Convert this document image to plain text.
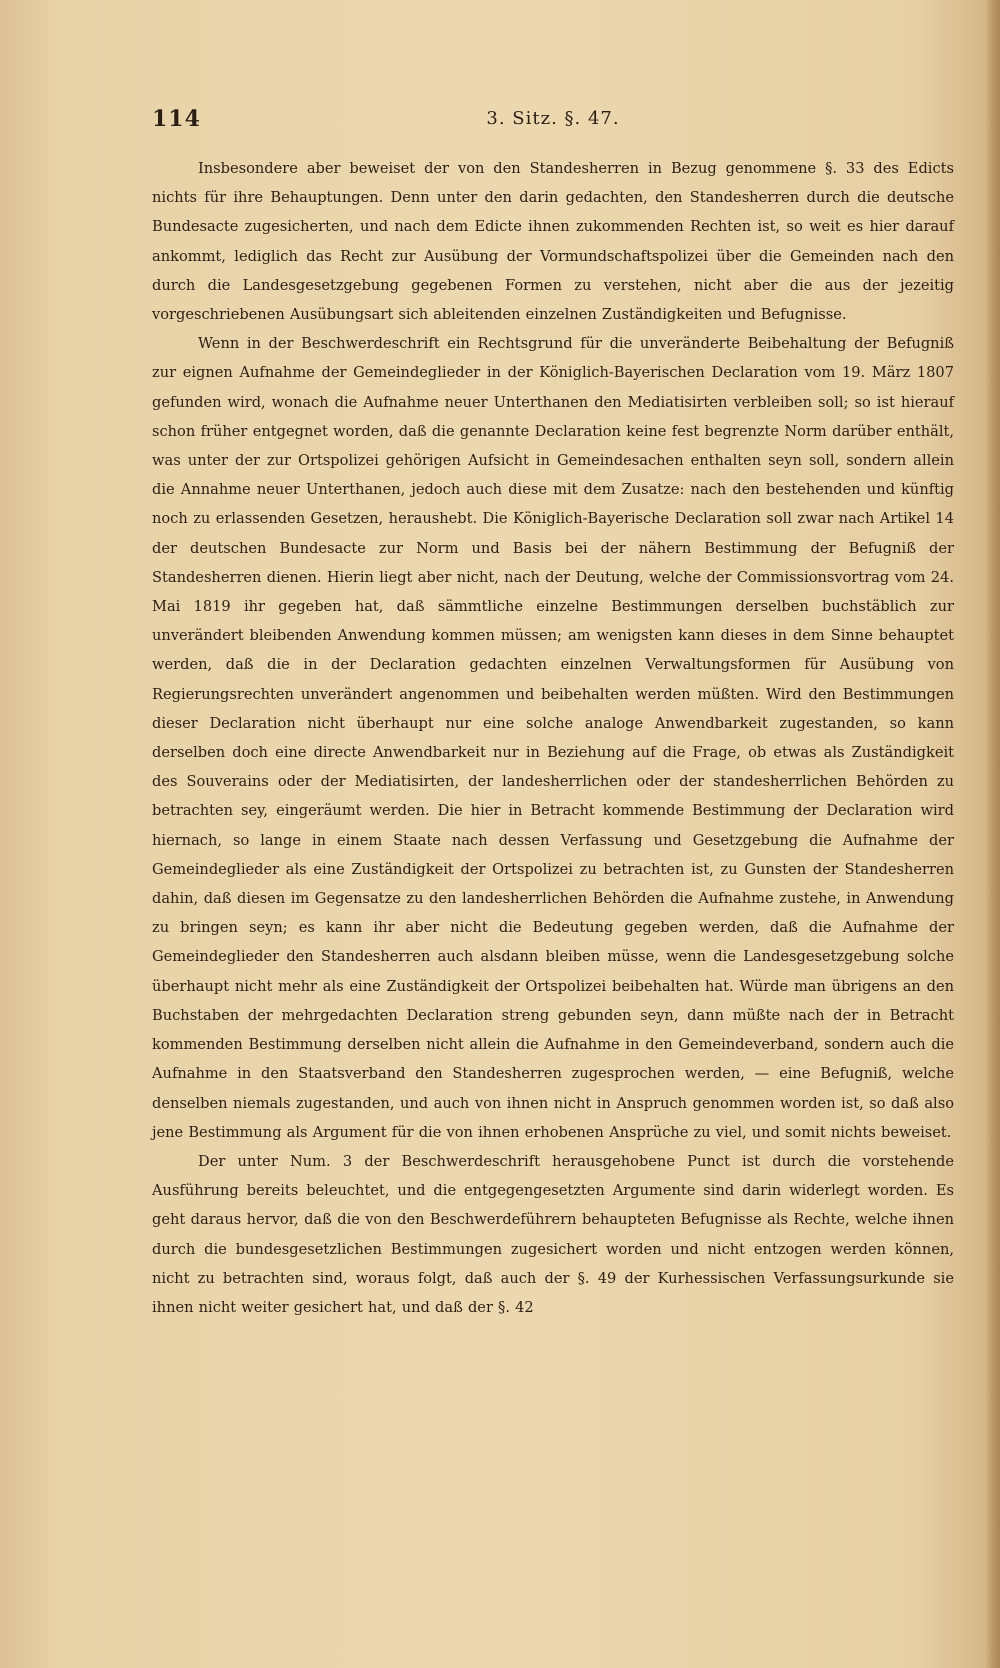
114	3. Sitz. §. 47.

Insbesondere aber beweiset der von den Standesherren in Bezug genommene §. 33 des Edicts nichts für ihre Behauptungen. Denn unter den darin gedachten, den Standesherren durch die deutsche Bundesacte zugesicherten, und nach dem Edicte ihnen zukommenden Rechten ist, so weit es hier darauf ankommt, lediglich das Recht zur Ausübung der Vormundschaftspolizei über die Gemeinden nach den durch die Landesgesetzgebung gegebenen Formen zu verstehen, nicht aber die aus der jezeitig vorgeschriebenen Ausübungsart sich ableitenden einzelnen Zuständigkeiten und Befugnisse.

Wenn in der Beschwerdeschrift ein Rechtsgrund für die unveränderte Beibehaltung der Befugniß zur eignen Aufnahme der Gemeindeglieder in der Königlich-Bayerischen Declaration vom 19. März 1807 gefunden wird, wonach die Aufnahme neuer Unterthanen den Mediatisirten verbleiben soll; so ist hierauf schon früher entgegnet worden, daß die genannte Declaration keine fest begrenzte Norm darüber enthält, was unter der zur Ortspolizei gehörigen Aufsicht in Gemeindesachen enthalten seyn soll, sondern allein die Annahme neuer Unterthanen, jedoch auch diese mit dem Zusatze: nach den bestehenden und künftig noch zu erlassenden Gesetzen, heraushebt. Die Königlich-Bayerische Declaration soll zwar nach Artikel 14 der deutschen Bundesacte zur Norm und Basis bei der nähern Bestimmung der Befugniß der Standesherren dienen. Hierin liegt aber nicht, nach der Deutung, welche der Commissionsvortrag vom 24. Mai 1819 ihr gegeben hat, daß sämmtliche einzelne Bestimmungen derselben buchstäblich zur unverändert bleibenden Anwendung kommen müssen; am wenigsten kann dieses in dem Sinne behauptet werden, daß die in der Declaration gedachten einzelnen Verwaltungsformen für Ausübung von Regierungsrechten unverändert angenommen und beibehalten werden müßten. Wird den Bestimmungen dieser Declaration nicht überhaupt nur eine solche analoge Anwendbarkeit zugestanden, so kann derselben doch eine directe Anwendbarkeit nur in Beziehung auf die Frage, ob etwas als Zuständigkeit des Souverains oder der Mediatisirten, der landesherrlichen oder der standesherrlichen Behörden zu betrachten sey, eingeräumt werden. Die hier in Betracht kommende Bestimmung der Declaration wird hiernach, so lange in einem Staate nach dessen Verfassung und Gesetzgebung die Aufnahme der Gemeindeglieder als eine Zuständigkeit der Ortspolizei zu betrachten ist, zu Gunsten der Standesherren dahin, daß diesen im Gegensatze zu den landesherrlichen Behörden die Aufnahme zustehe, in Anwendung zu bringen seyn; es kann ihr aber nicht die Bedeutung gegeben werden, daß die Aufnahme der Gemeindeglieder den Standesherren auch alsdann bleiben müsse, wenn die Landesgesetzgebung solche überhaupt nicht mehr als eine Zuständigkeit der Ortspolizei beibehalten hat. Würde man übrigens an den Buchstaben der mehrgedachten Declaration streng gebunden seyn, dann müßte nach der in Betracht kommenden Bestimmung derselben nicht allein die Aufnahme in den Gemeindeverband, sondern auch die Aufnahme in den Staatsverband den Standesherren zugesprochen werden, — eine Befugniß, welche denselben niemals zugestanden, und auch von ihnen nicht in Anspruch genommen worden ist, so daß also jene Bestimmung als Argument für die von ihnen erhobenen Ansprüche zu viel, und somit nichts beweiset.

Der unter Num. 3 der Beschwerdeschrift herausgehobene Punct ist durch die vorstehende Ausführung bereits beleuchtet, und die entgegengesetzten Argumente sind darin widerlegt worden. Es geht daraus hervor, daß die von den Beschwerdeführern behaupteten Befugnisse als Rechte, welche ihnen durch die bundesgesetzlichen Bestimmungen zugesichert worden und nicht entzogen werden können, nicht zu betrachten sind, woraus folgt, daß auch der §. 49 der Kurhessischen Verfassungsurkunde sie ihnen nicht weiter gesichert hat, und daß der §. 42
